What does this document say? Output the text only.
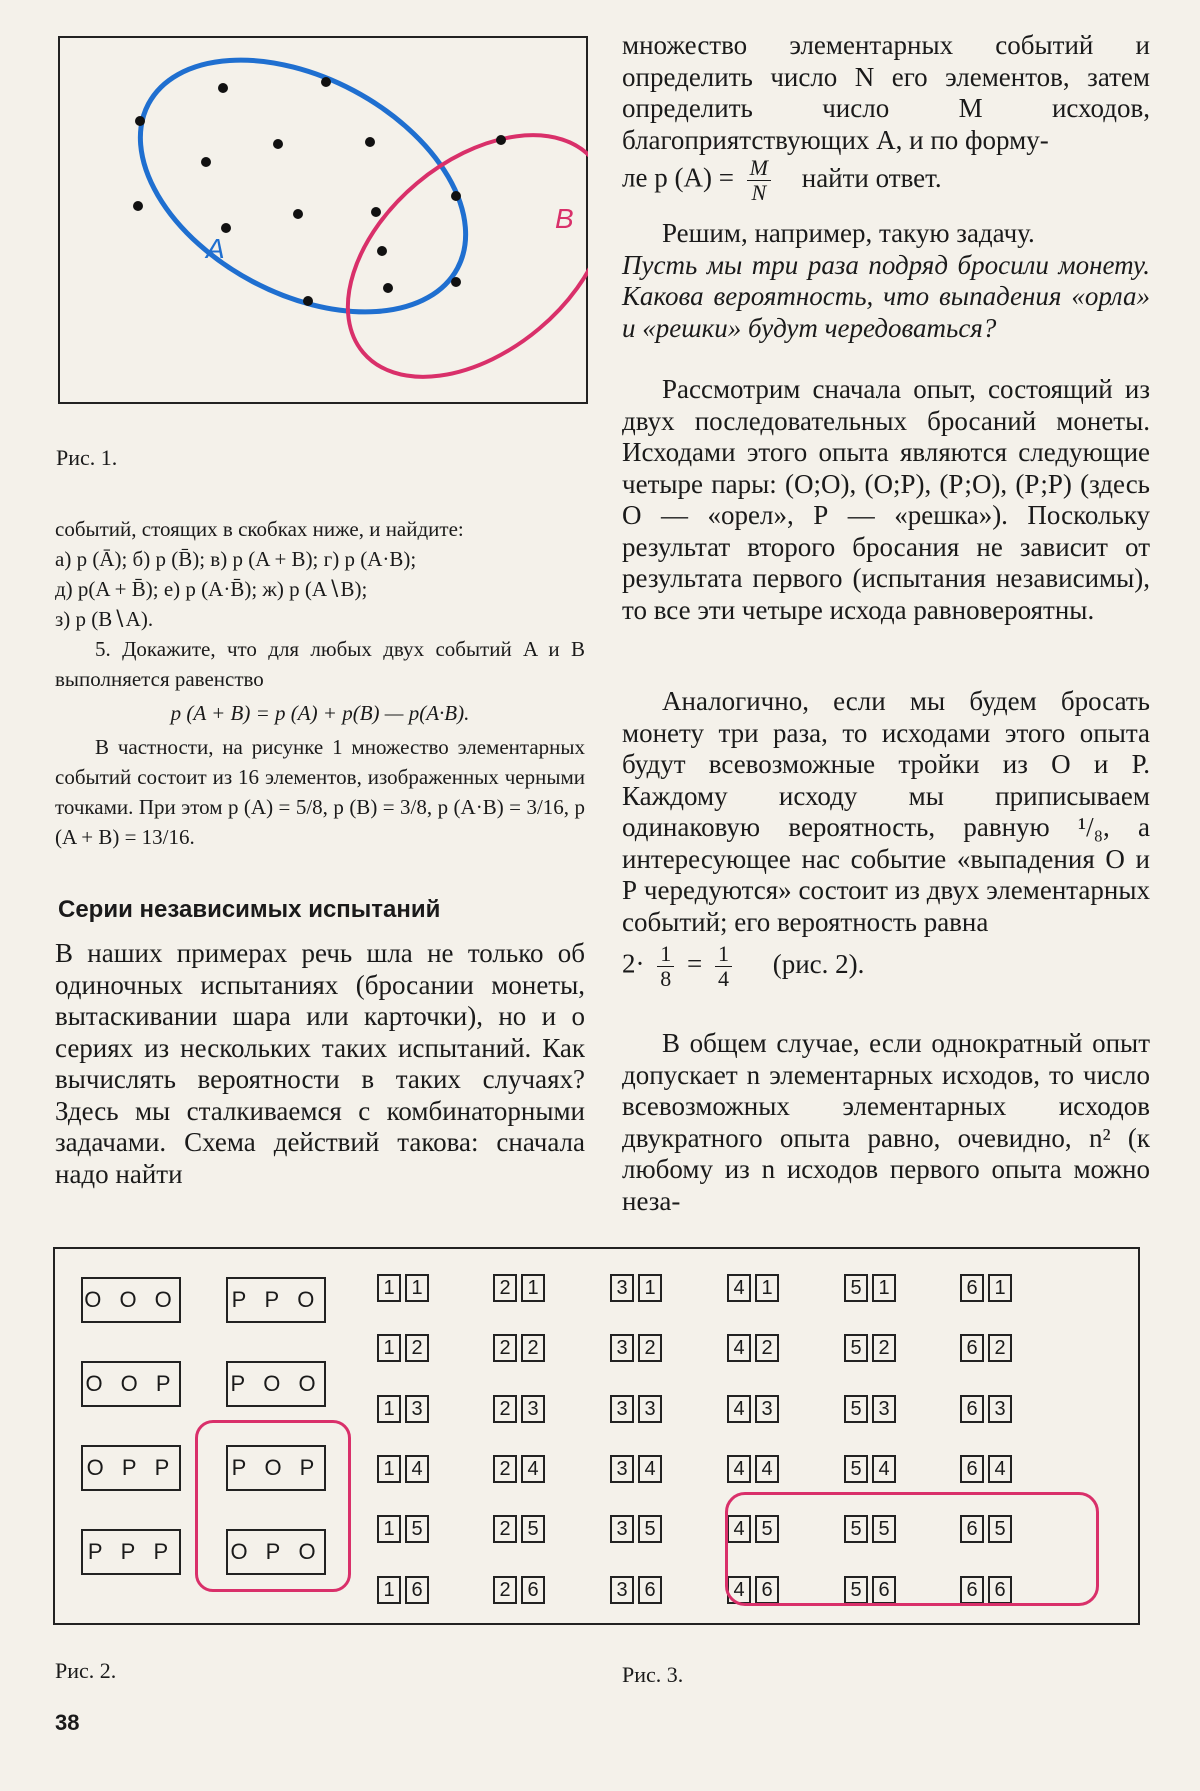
A
B
Рис. 1.

событий, стоящих в скобках ниже, и найдите:

а) p (Ā); б) p (B̄); в) p (A + B); г) p (A·B);

д) p(A + B̄); е) p (A·B̄); ж) p (A∖B);

з) p (B∖A).

5. Докажите, что для любых двух событий A и B выполняется равенство

p (A + B) = p (A) + p(B) — p(A·B).

В частности, на рисунке 1 множество элементарных событий состоит из 16 элементов, изображенных черными точками. При этом p (A) = 5/8, p (B) = 3/8, p (A·B) = 3/16, p (A + B) = 13/16.

Серии независимых испытаний

В наших примерах речь шла не только об одиночных испытаниях (бросании монеты, вытаскивании шара или карточки), но и о сериях из нескольких таких испытаний. Как вычислять вероятности в таких случаях? Здесь мы сталкиваемся с комбинаторными задачами. Схема действий такова: сначала надо найти

множество элементарных событий и определить число N его элементов, затем определить число M исходов, благоприятствующих A, и по форму-

ле p $(A) = \frac{M}{N}$ найти ответ.

Решим, например, такую задачу.

Пусть мы три раза подряд бросили монету. Какова вероятность, что выпадения «орла» и «решки» будут чередоваться?

Рассмотрим сначала опыт, состоящий из двух последовательных бросаний монеты. Исходами этого опыта являются следующие четыре пары: (О;О), (О;Р), (Р;О), (Р;Р) (здесь О — «орел», Р — «решка»). Поскольку результат второго бросания не зависит от результата первого (испытания независимы), то все эти четыре исхода равновероятны.

Аналогично, если мы будем бросать монету три раза, то исходами этого опыта будут всевозможные тройки из О и Р. Каждому исходу мы приписываем одинаковую вероятность, равную ¹/₈, а интересующее нас событие «выпадения О и Р чередуются» состоит из двух элементарных событий; его вероятность равна

$2\cdot \frac{1}{8} = \frac{1}{4} (рис$. 2).

В общем случае, если однократный опыт допускает n элементарных исходов, то число всевозможных элементарных исходов двукратного опыта равно, очевидно, n² (к любому из n исходов первого опыта можно неза-

О О О
О О Р
О Р Р
Р Р Р
Р Р О
Р О О
Р О Р
О Р О
1 1	2 1	3 1	4 1	5 1	6 1
1 2	2 2	3 2	4 2	5 2	6 2
1 3	2 3	3 3	4 3	5 3	6 3
1 4	2 4	3 4	4 4	5 4	6 4
1 5	2 5	3 5	4 5	5 5	6 5
1 6	2 6	3 6	4 6	5 6	6 6
Рис. 2.	Рис. 3.
38
